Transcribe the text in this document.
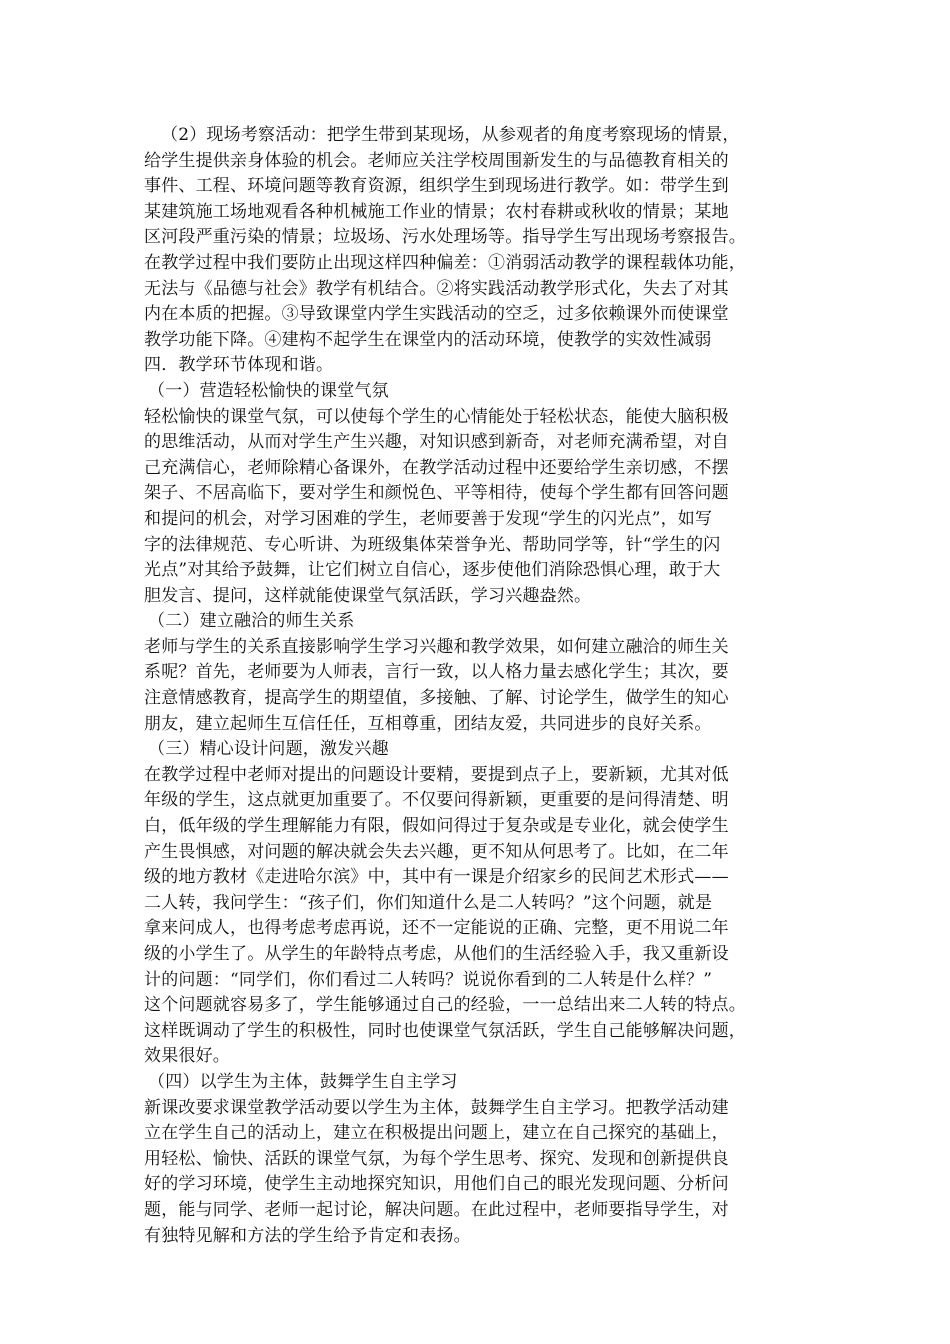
（2）现场考察活动：把学生带到某现场，从参观者的角度考察现场的情景，
给学生提供亲身体验的机会。老师应关注学校周围新发生的与品德教育相关的
事件、工程、环境问题等教育资源，组织学生到现场进行教学。如：带学生到
某建筑施工场地观看各种机械施工作业的情景；农村春耕或秋收的情景；某地
区河段严重污染的情景；垃圾场、污水处理场等。指导学生写出现场考察报告。
在教学过程中我们要防止出现这样四种偏差：①消弱活动教学的课程载体功能，
无法与《品德与社会》教学有机结合。②将实践活动教学形式化，失去了对其
内在本质的把握。③导致课堂内学生实践活动的空乏，过多依赖课外而使课堂
教学功能下降。④建构不起学生在课堂内的活动环境，使教学的实效性减弱
四．教学环节体现和谐。
（一）营造轻松愉快的课堂气氛
轻松愉快的课堂气氛，可以使每个学生的心情能处于轻松状态，能使大脑积极
的思维活动，从而对学生产生兴趣，对知识感到新奇，对老师充满希望，对自
己充满信心，老师除精心备课外，在教学活动过程中还要给学生亲切感，不摆
架子、不居高临下，要对学生和颜悦色、平等相待，使每个学生都有回答问题
和提问的机会，对学习困难的学生，老师要善于发现“学生的闪光点”，如写
字的法律规范、专心听讲、为班级集体荣誉争光、帮助同学等，针“学生的闪
光点”对其给予鼓舞，让它们树立自信心，逐步使他们消除恐惧心理，敢于大
胆发言、提问，这样就能使课堂气氛活跃，学习兴趣盎然。
（二）建立融洽的师生关系
老师与学生的关系直接影响学生学习兴趣和教学效果，如何建立融洽的师生关
系呢？首先，老师要为人师表，言行一致，以人格力量去感化学生；其次，要
注意情感教育，提高学生的期望值，多接触、了解、讨论学生，做学生的知心
朋友，建立起师生互信任任，互相尊重，团结友爱，共同进步的良好关系。
（三）精心设计问题，激发兴趣
在教学过程中老师对提出的问题设计要精，要提到点子上，要新颖，尤其对低
年级的学生，这点就更加重要了。不仅要问得新颖，更重要的是问得清楚、明
白，低年级的学生理解能力有限，假如问得过于复杂或是专业化，就会使学生
产生畏惧感，对问题的解决就会失去兴趣，更不知从何思考了。比如，在二年
级的地方教材《走进哈尔滨》中，其中有一课是介绍家乡的民间艺术形式——
二人转，我问学生：“孩子们，你们知道什么是二人转吗？”这个问题，就是
拿来问成人，也得考虑考虑再说，还不一定能说的正确、完整，更不用说二年
级的小学生了。从学生的年龄特点考虑，从他们的生活经验入手，我又重新设
计的问题：“同学们，你们看过二人转吗？说说你看到的二人转是什么样？”
这个问题就容易多了，学生能够通过自己的经验，一一总结出来二人转的特点。
这样既调动了学生的积极性，同时也使课堂气氛活跃，学生自己能够解决问题，
效果很好。
（四）以学生为主体，鼓舞学生自主学习
新课改要求课堂教学活动要以学生为主体，鼓舞学生自主学习。把教学活动建
立在学生自己的活动上，建立在积极提出问题上，建立在自己探究的基础上，
用轻松、愉快、活跃的课堂气氛，为每个学生思考、探究、发现和创新提供良
好的学习环境，使学生主动地探究知识，用他们自己的眼光发现问题、分析问
题，能与同学、老师一起讨论，解决问题。在此过程中，老师要指导学生，对
有独特见解和方法的学生给予肯定和表扬。
